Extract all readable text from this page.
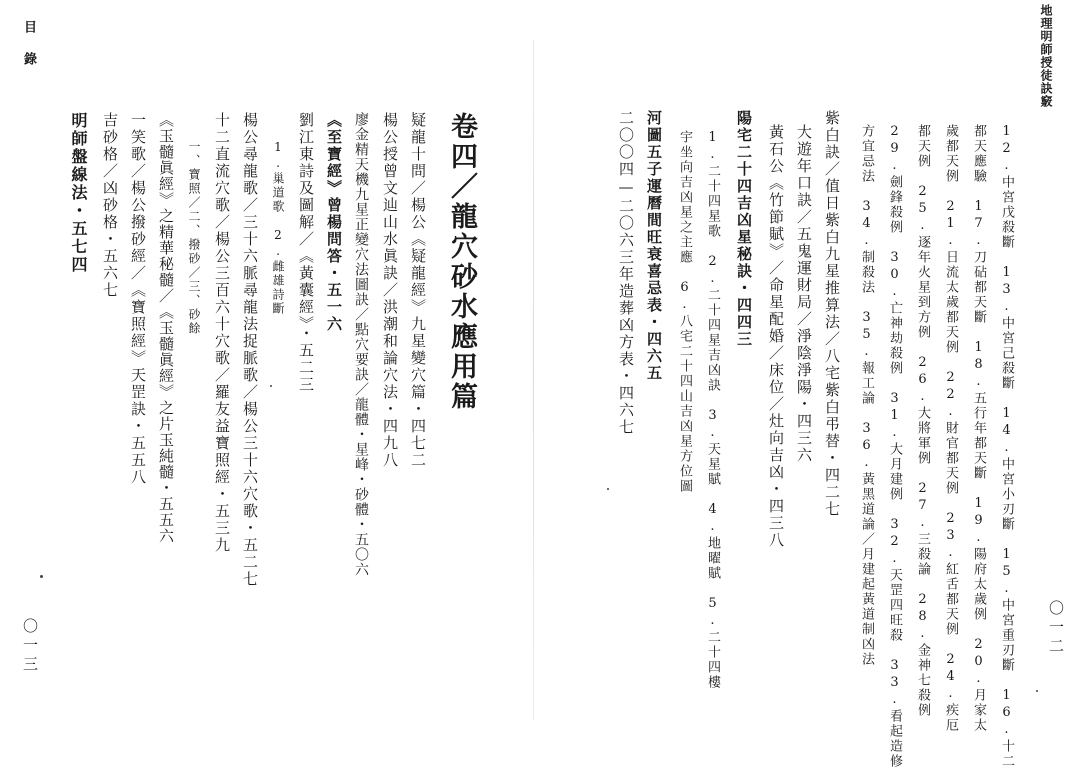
目
錄
卷四／龍穴砂水應用篇
疑龍十問／楊公《疑龍經》九星變穴篇・四七二
楊公授曾文辿山水眞訣／洪潮和論穴法・四九八
廖金精天機九星正變穴法圖訣／點穴要訣／龍體・星峰・砂體・五〇六
《至寶經》曾楊問答・五一六
劉江東詩及圖解／《黃囊經》・五二三
1.巢道歌　2.雌雄詩斷
楊公尋龍歌／三十六脈尋龍法捉脈歌／楊公三十六穴歌・五二七
十二直流穴歌／楊公三百六十穴歌／羅友益寶照經・五三九
一、寶照／二、撥砂／三、砂餘
《玉髓眞經》之精華秘髓／《玉髓眞經》之片玉純髓・五五六
一笑歌／楊公撥砂經／《寶照經》天罡訣・五五八
吉砂格／凶砂格・五六七
明師盤線法・五七四
〇一三
地理明師授徒訣竅
12.中宮戊殺斷　13.中宮己殺斷　14.中宮小刃斷　15.中宮重刃斷　16.十二
都天應驗　17.刀砧都天斷　18.五行年都天斷　19.陽府太歲例　20.月家太
歲都天例　21.日流太歲都天例　22.財官都天例　23.紅舌都天例　24.疾厄
都天例　25.逐年火星到方例　26.大將軍例　27.三殺論　28.金神七殺例
29.劍鋒殺例　30.亡神劫殺例　31.大月建例　32.天罡四旺殺　33.看起造修
方宜忌法　34.制殺法　35.報工論　36.黃黑道論／月建起黃道制凶法
紫白訣／值日紫白九星推算法／八宅紫白弔替・四二七
大遊年口訣／五鬼運財局／淨陰淨陽・四三六
黃石公《竹節賦》／命星配婚／床位／灶向吉凶・四三八
陽宅二十四吉凶星秘訣・四四三
1.二十四星歌　2.二十四星吉凶訣　3.天星賦　4.地曜賦　5.二十四樓
宇坐向吉凶星之主應　6.八宅二十四山吉凶星方位圖
河圖五子運曆間旺衰喜忌表・四六五
二〇〇四—二〇六三年造葬凶方表・四六七
〇一二
